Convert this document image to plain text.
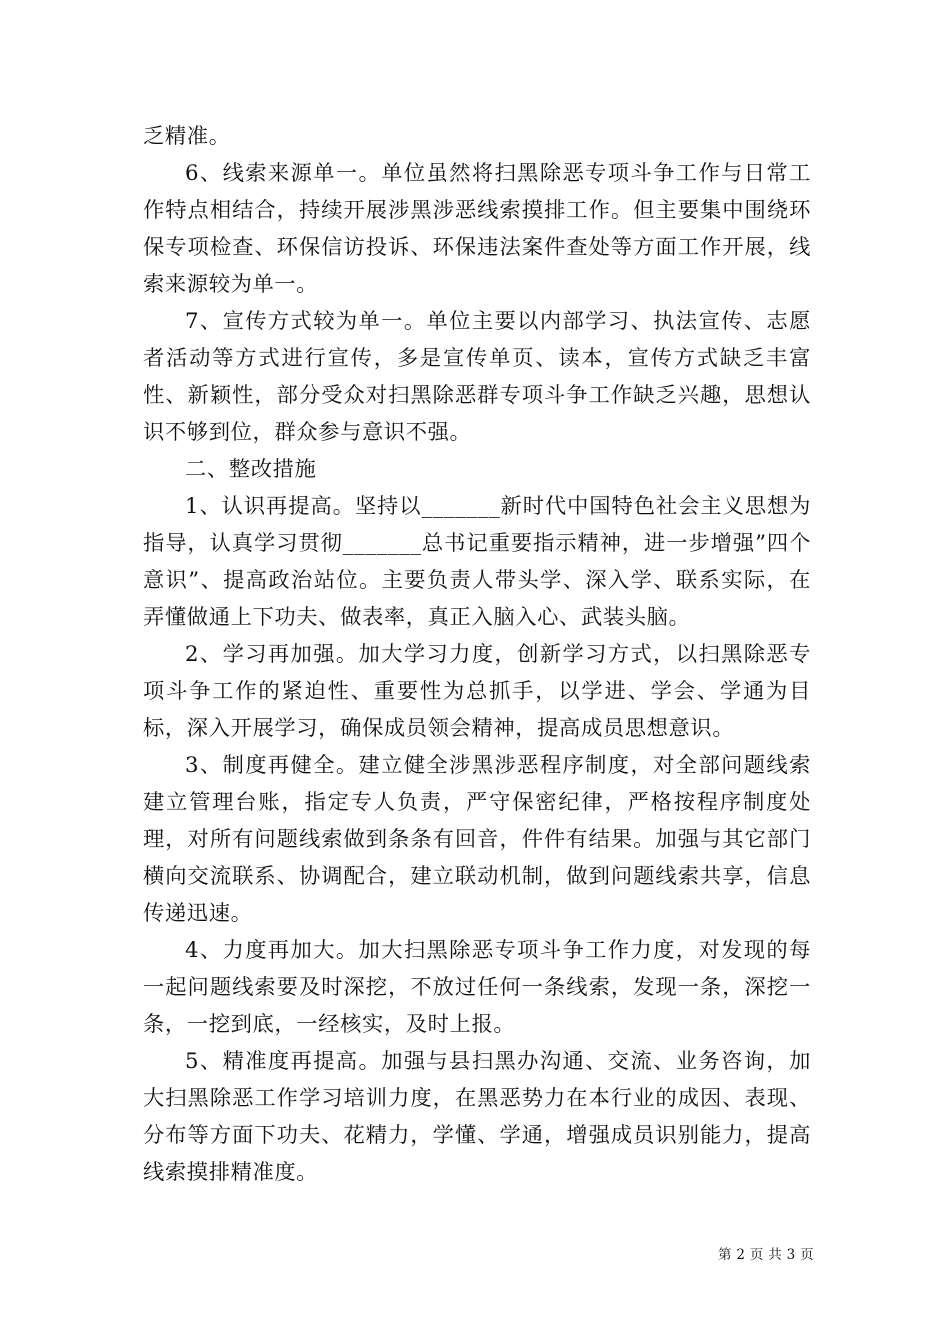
乏精准。

6、线索来源单一。单位虽然将扫黑除恶专项斗争工作与日常工作特点相结合，持续开展涉黑涉恶线索摸排工作。但主要集中围绕环保专项检查、环保信访投诉、环保违法案件查处等方面工作开展，线索来源较为单一。

7、宣传方式较为单一。单位主要以内部学习、执法宣传、志愿者活动等方式进行宣传，多是宣传单页、读本，宣传方式缺乏丰富性、新颖性，部分受众对扫黑除恶群专项斗争工作缺乏兴趣，思想认识不够到位，群众参与意识不强。

二、整改措施

1、认识再提高。坚持以_______新时代中国特色社会主义思想为指导，认真学习贯彻_______总书记重要指示精神，进一步增强”四个意识”、提高政治站位。主要负责人带头学、深入学、联系实际，在弄懂做通上下功夫、做表率，真正入脑入心、武装头脑。

2、学习再加强。加大学习力度，创新学习方式，以扫黑除恶专项斗争工作的紧迫性、重要性为总抓手，以学进、学会、学通为目标，深入开展学习，确保成员领会精神，提高成员思想意识。

3、制度再健全。建立健全涉黑涉恶程序制度，对全部问题线索建立管理台账，指定专人负责，严守保密纪律，严格按程序制度处理，对所有问题线索做到条条有回音，件件有结果。加强与其它部门横向交流联系、协调配合，建立联动机制，做到问题线索共享，信息传递迅速。

4、力度再加大。加大扫黑除恶专项斗争工作力度，对发现的每一起问题线索要及时深挖，不放过任何一条线索，发现一条，深挖一条，一挖到底，一经核实，及时上报。

5、精准度再提高。加强与县扫黑办沟通、交流、业务咨询，加大扫黑除恶工作学习培训力度，在黑恶势力在本行业的成因、表现、分布等方面下功夫、花精力，学懂、学通，增强成员识别能力，提高线索摸排精准度。

第 2 页 共 3 页
